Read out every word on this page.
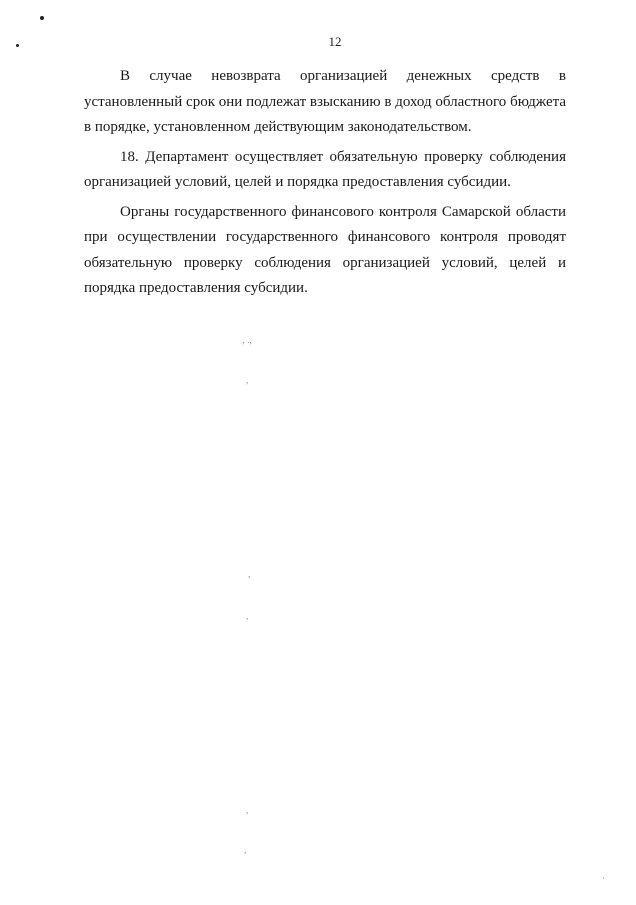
12

В случае невозврата организацией денежных средств в установленный срок они подлежат взысканию в доход областного бюджета в порядке, установленном действующим законодательством.

18. Департамент осуществляет обязательную проверку соблюдения организацией условий, целей и порядка предоставления субсидии.

Органы государственного финансового контроля Самарской области при осуществлении государственного финансового контроля проводят обязательную проверку соблюдения организацией условий, целей и порядка предоставления субсидии.

‚ .,
,
,
,
,
,
·
